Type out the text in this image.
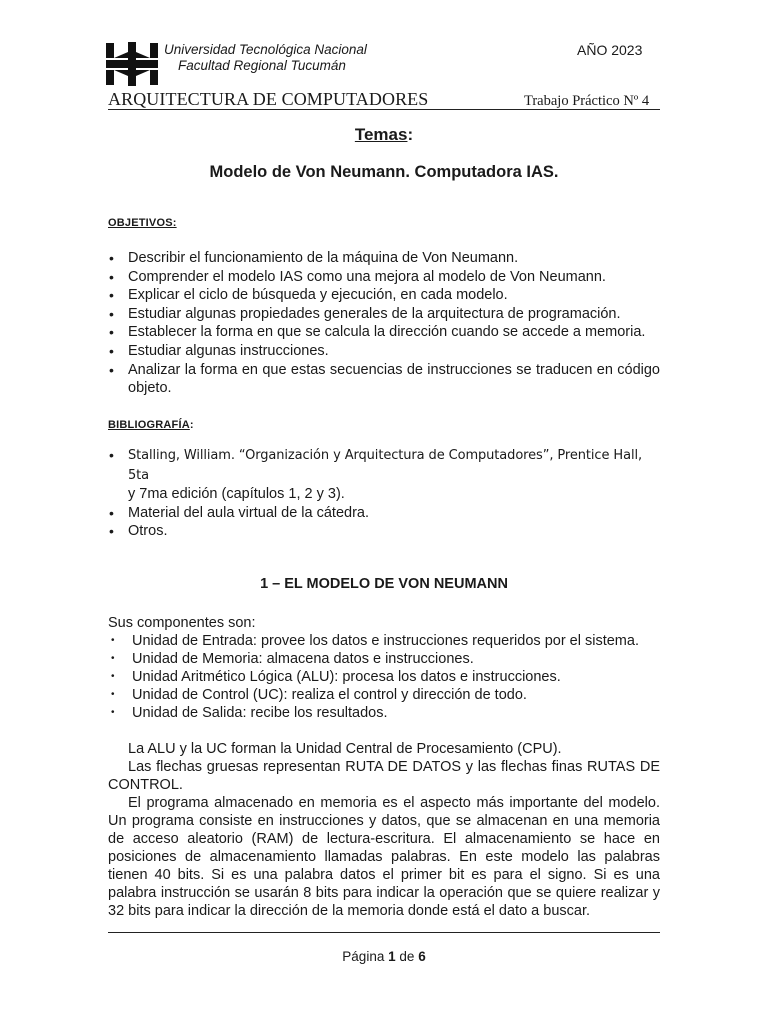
Universidad Tecnológica Nacional
Facultad Regional Tucumán
AÑO 2023
ARQUITECTURA DE COMPUTADORES	Trabajo Práctico Nº 4
Temas:
Modelo de Von Neumann. Computadora IAS.
OBJETIVOS:
• Describir el funcionamiento de la máquina de Von Neumann.
• Comprender el modelo IAS como una mejora al modelo de Von Neumann.
• Explicar el ciclo de búsqueda y ejecución, en cada modelo.
• Estudiar algunas propiedades generales de la arquitectura de programación.
• Establecer la forma en que se calcula la dirección cuando se accede a memoria.
• Estudiar algunas instrucciones.
• Analizar la forma en que estas secuencias de instrucciones se traducen en código objeto.
BIBLIOGRAFÍA:
• Stalling, William. “Organización y Arquitectura de Computadores”, Prentice Hall, 5ta
y 7ma edición (capítulos 1, 2 y 3).
• Material del aula virtual de la cátedra.
• Otros.
1 – EL MODELO DE VON NEUMANN
Sus componentes son:
• Unidad de Entrada: provee los datos e instrucciones requeridos por el sistema.
• Unidad de Memoria: almacena datos e instrucciones.
• Unidad Aritmético Lógica (ALU): procesa los datos e instrucciones.
• Unidad de Control (UC): realiza el control y dirección de todo.
• Unidad de Salida: recibe los resultados.
La ALU y la UC forman la Unidad Central de Procesamiento (CPU).
Las flechas gruesas representan RUTA DE DATOS y las flechas finas RUTAS DE CONTROL.
El programa almacenado en memoria es el aspecto más importante del modelo. Un programa consiste en instrucciones y datos, que se almacenan en una memoria de acceso aleatorio (RAM) de lectura-escritura. El almacenamiento se hace en posiciones de almacenamiento llamadas palabras. En este modelo las palabras tienen 40 bits. Si es una palabra datos el primer bit es para el signo. Si es una palabra instrucción se usarán 8 bits para indicar la operación que se quiere realizar y 32 bits para indicar la dirección de la memoria donde está el dato a buscar.
Página 1 de 6
